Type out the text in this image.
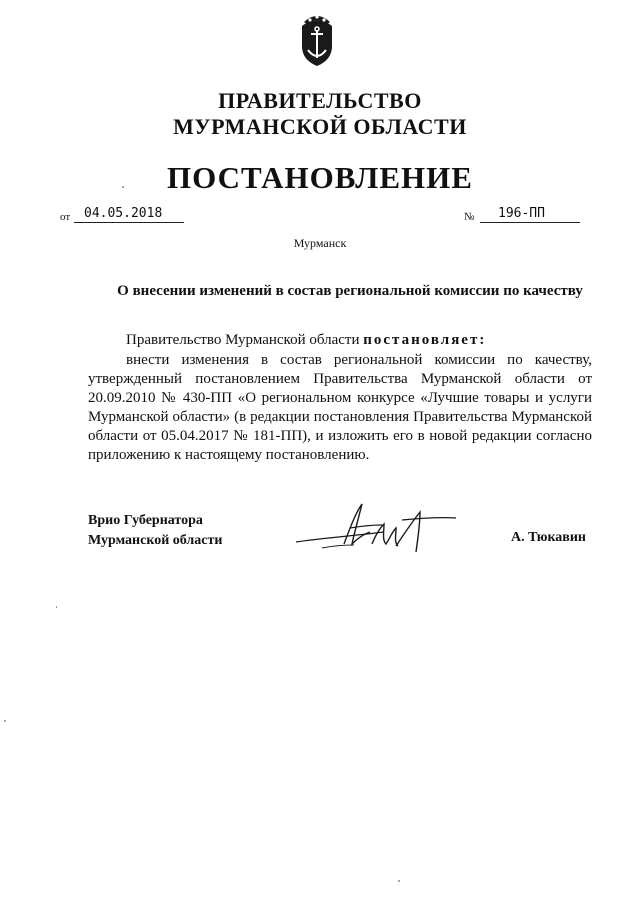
ПРАВИТЕЛЬСТВО
МУРМАНСКОЙ ОБЛАСТИ
ПОСТАНОВЛЕНИЕ
от	04.05.2018	№	196-ПП
Мурманск
О внесении изменений в состав региональной комиссии по качеству
Правительство Мурманской области постановляет:

внести изменения в состав региональной комиссии по качеству, утвержденный постановлением Правительства Мурманской области от 20.09.2010 № 430-ПП «О региональном конкурсе «Лучшие товары и услуги Мурманской области» (в редакции постановления Правительства Мурманской области от 05.04.2017 № 181-ПП), и изложить его в новой редакции согласно приложению к настоящему постановлению.

Врио Губернатора
Мурманской области	А. Тюкавин
